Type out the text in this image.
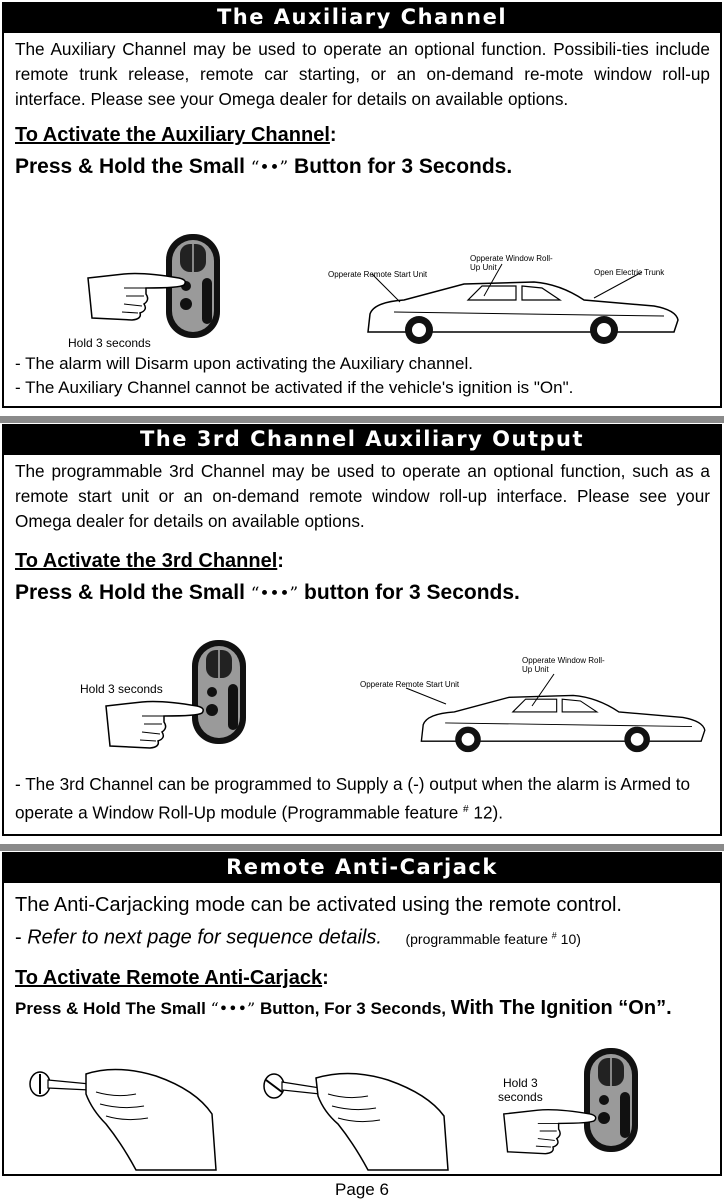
The Auxiliary Channel
The Auxiliary Channel may be used to operate an optional function. Possibili-ties include remote trunk release, remote car starting, or an on-demand re-mote window roll-up interface. Please see your Omega dealer for details on available options.
To Activate the Auxiliary Channel:
Press & Hold the Small “••” Button for 3 Seconds.
Hold 3 seconds
Opperate Remote Start Unit
Opperate Window Roll-Up Unit
Open Electric Trunk
- The alarm will Disarm upon activating the Auxiliary channel.
- The Auxiliary Channel cannot be activated if the vehicle's ignition is "On".
The 3rd Channel Auxiliary Output
The programmable 3rd Channel may be used to operate an optional function, such as a remote start unit or an on-demand remote window roll-up interface. Please see your Omega dealer for details on available options.
To Activate the 3rd Channel:
Press & Hold the Small “•••” button for 3 Seconds.
Hold 3 seconds	Opperate Remote Start Unit
Opperate Window Roll-Up Unit
- The 3rd Channel can be programmed to Supply a (-) output when the alarm is Armed to operate a Window Roll-Up module (Programmable feature # 12).
Remote Anti-Carjack
The Anti-Carjacking mode can be activated using the remote control.
- Refer to next page for sequence details. (programmable feature # 10)
To Activate Remote Anti-Carjack:
Press & Hold The Small “•••” Button, For 3 Seconds, With The Ignition “On”.
Hold 3
seconds
Page 6
